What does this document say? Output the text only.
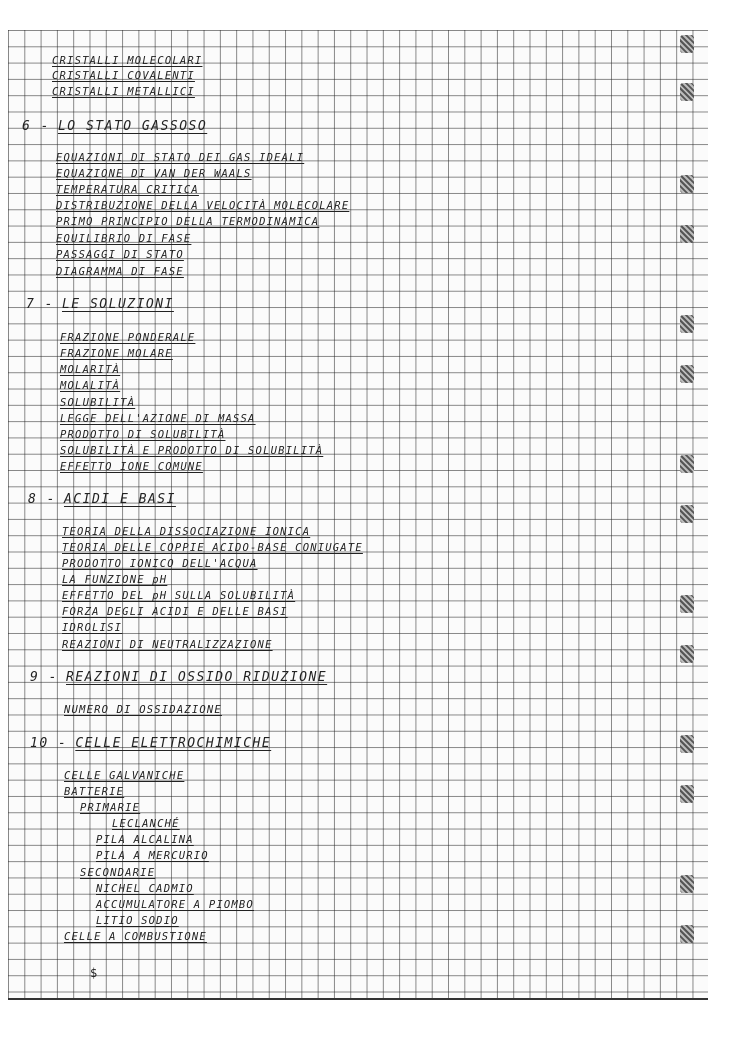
CRISTALLI MOLECOLARI
CRISTALLI COVALENTI
CRISTALLI METALLICI
6 - LO STATO GASSOSO
EQUAZIONI DI STATO DEI GAS IDEALI
EQUAZIONE DI VAN DER WAALS
TEMPERATURA CRITICA
DISTRIBUZIONE DELLA VELOCITÀ MOLECOLARE
PRIMO PRINCIPIO DELLA TERMODINAMICA
EQUILIBRIO DI FASE
PASSAGGI DI STATO
DIAGRAMMA DI FASE
7 - LE SOLUZIONI
FRAZIONE PONDERALE
FRAZIONE MOLARE
MOLARITÀ
MOLALITÀ
SOLUBILITÀ
LEGGE DELL'AZIONE DI MASSA
PRODOTTO DI SOLUBILITÀ
SOLUBILITÀ E PRODOTTO DI SOLUBILITÀ
EFFETTO IONE COMUNE
8 - ACIDI E BASI
TEORIA DELLA DISSOCIAZIONE IONICA
TEORIA DELLE COPPIE ACIDO-BASE CONIUGATE
PRODOTTO IONICO DELL'ACQUA
LA FUNZIONE pH
EFFETTO DEL pH SULLA SOLUBILITÀ
FORZA DEGLI ACIDI E DELLE BASI
IDROLISI
REAZIONI DI NEUTRALIZZAZIONE
9 - REAZIONI DI OSSIDO RIDUZIONE
NUMERO DI OSSIDAZIONE
10 - CELLE ELETTROCHIMICHE
CELLE GALVANICHE
BATTERIE
PRIMARIE
LECLANCHÉ
PILA ALCALINA
PILA A MERCURIO
SECONDARIE
NICHEL CADMIO
ACCUMULATORE A PIOMBO
LITIO SODIO
CELLE A COMBUSTIONE
$
